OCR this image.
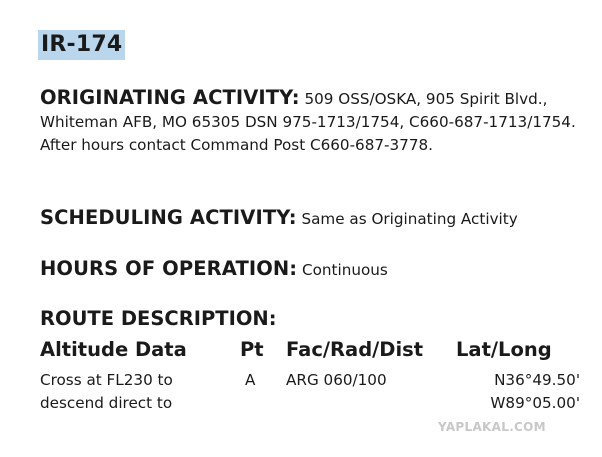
IR-174
ORIGINATING ACTIVITY: 509 OSS/OSKA, 905 Spirit Blvd., Whiteman AFB, MO 65305 DSN 975-1713/1754, C660-687-1713/1754. After hours contact Command Post C660-687-3778.
SCHEDULING ACTIVITY: Same as Originating Activity
HOURS OF OPERATION: Continuous
ROUTE DESCRIPTION:
Altitude Data	Pt Fac/Rad/Dist Lat/Long
Cross at FL230 to
descend direct to
A ARG 060/100	N36°49.50'
W89°05.00'
YAPLAKAL.COM
